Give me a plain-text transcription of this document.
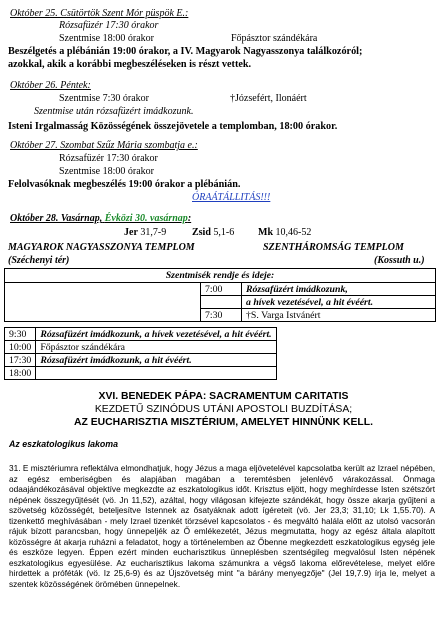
Október 25. Csütörtök Szent Mór püspök E.:
Rózsafüzér 17:30 órakor
Szentmise 18:00 órakor	Főpásztor szándékára
Beszélgetés a plébánián 19:00 órakor, a IV. Magyarok Nagyasszonya találkozóról;
azokkal, akik a korábbi megbeszéléseken is részt vettek.
Október 26. Péntek:
Szentmise 7:30 órakor	†Józsefért, Ilonáért
Szentmise után rózsafüzért imádkozunk.
Isteni Irgalmasság Közösségének összejövetele a templomban, 18:00 órakor.
Október 27. Szombat Szűz Mária szombatja e.:
Rózsafüzér 17:30 órakor
Szentmise 18:00 órakor
Felolvasóknak megbeszélés 19:00 órakor a plébánián.
ÓRAÁTÁLLITÁS!!!
Október 28. Vasárnap, Évközi 30. vasárnap:
Jer 31,7-9	Zsid 5,1-6 Mk 10,46-52
MAGYAROK NAGYASSZONYA TEMPLOM	SZENTHÁROMSÁG TEMPLOM
(Széchenyi tér)	(Kossuth u.)
Szentmisék rendje és ideje:		
	7:00	Rózsafüzért imádkozunk,
		a hívek vezetésével, a hit évéért.
	7:30	†S. Varga Istvánért
9:30	Rózsafüzért imádkozunk, a hívek vezetésével, a hit évéért.
10:00	Főpásztor szándékára
17:30	Rózsafüzért imádkozunk, a hit évéért.
18:00	
XVI. BENEDEK PÁPA: SACRAMENTUM CARITATIS
KEZDETŰ SZINÓDUS UTÁNI APOSTOLI BUZDÍTÁSA;
AZ EUCHARISZTIA MISZTÉRIUM, AMELYET HINNÜNK KELL.
Az eszkatologikus lakoma
31. E misztériumra reflektálva elmondhatjuk, hogy Jézus a maga eljövetelével kapcsolatba került az Izrael népében, az egész emberiségben és alapjában magában a teremtésben jelenlévő várakozással. Önmaga odaajándékozásával objektíve megkezdte az eszkatologikus időt. Krisztus eljött, hogy meghírdesse Isten szétszórt népének összegyűjtését (vö. Jn 11,52), azáltal, hogy világosan kifejezte szándékát, hogy össze akarja gyűjteni a szövetség közösségét, beteljesítve Istennek az ősatyáknak adott ígéreteit (vö. Jer 23,3; 31,10; Lk 1,55.70). A tizenkettő meghívásában - mely Izrael tizenkét törzsével kapcsolatos - és megváltó halála előtt az utolsó vacsorán rájuk bízott parancsban, hogy ünnepeljék az Ő emlékezetét, Jézus megmutatta, hogy az egész általa alapított közösségre át akarja ruházni a feladatot, hogy a történelemben az Őbenne megkezdett eszkatologikus egység jele és eszköze legyen. Éppen ezért minden eucharisztikus ünneplésben szentségileg megvalósul Isten népének eszkatologikus egyesülése. Az eucharisztikus lakoma számunkra a végső lakoma előrevételese, melyet előre hirdettek a próféták (vö. Iz 25,6-9) és az Újszövetség mint "a bárány menyegzője" (Jel 19,7.9) írja le, melyet a szentek közösségének örömében ünnepelnek.
